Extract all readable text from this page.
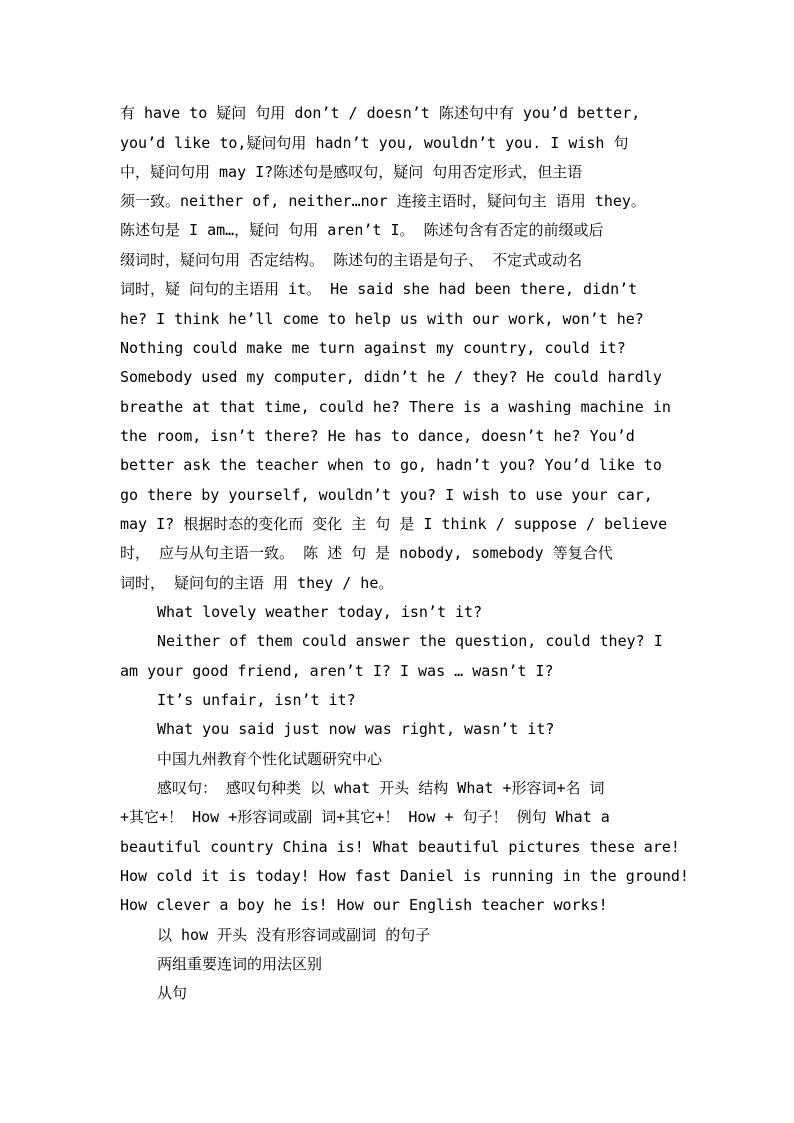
有 have to 疑问 句用 don’t / doesn’t 陈述句中有 you’d better,
you’d like to,疑问句用 hadn’t you, wouldn’t you. I wish 句
中，疑问句用 may I?陈述句是感叹句，疑问 句用否定形式，但主语
须一致。neither of, neither…nor 连接主语时，疑问句主 语用 they。
陈述句是 I am…，疑问 句用 aren’t I。 陈述句含有否定的前缀或后
缀词时，疑问句用 否定结构。 陈述句的主语是句子、 不定式或动名
词时，疑 问句的主语用 it。 He said she had been there, didn’t
he? I think he’ll come to help us with our work, won’t he?
Nothing could make me turn against my country, could it?
Somebody used my computer, didn’t he / they? He could hardly
breathe at that time, could he? There is a washing machine in
the room, isn’t there? He has to dance, doesn’t he? You’d
better ask the teacher when to go, hadn’t you? You’d like to
go there by yourself, wouldn’t you? I wish to use your car,
may I? 根据时态的变化而 变化 主 句 是 I think / suppose / believe
时， 应与从句主语一致。 陈 述 句 是 nobody, somebody 等复合代
词时， 疑问句的主语 用 they / he。
What lovely weather today, isn’t it?
Neither of them could answer the question, could they? I
am your good friend, aren’t I? I was … wasn’t I?
It’s unfair, isn’t it?
What you said just now was right, wasn’t it?
中国九州教育个性化试题研究中心
感叹句： 感叹句种类 以 what 开头 结构 What +形容词+名 词
+其它+！ How +形容词或副 词+其它+！ How + 句子！ 例句 What a
beautiful country China is! What beautiful pictures these are!
How cold it is today! How fast Daniel is running in the ground!
How clever a boy he is! How our English teacher works!
以 how 开头 没有形容词或副词 的句子
两组重要连词的用法区别
从句
